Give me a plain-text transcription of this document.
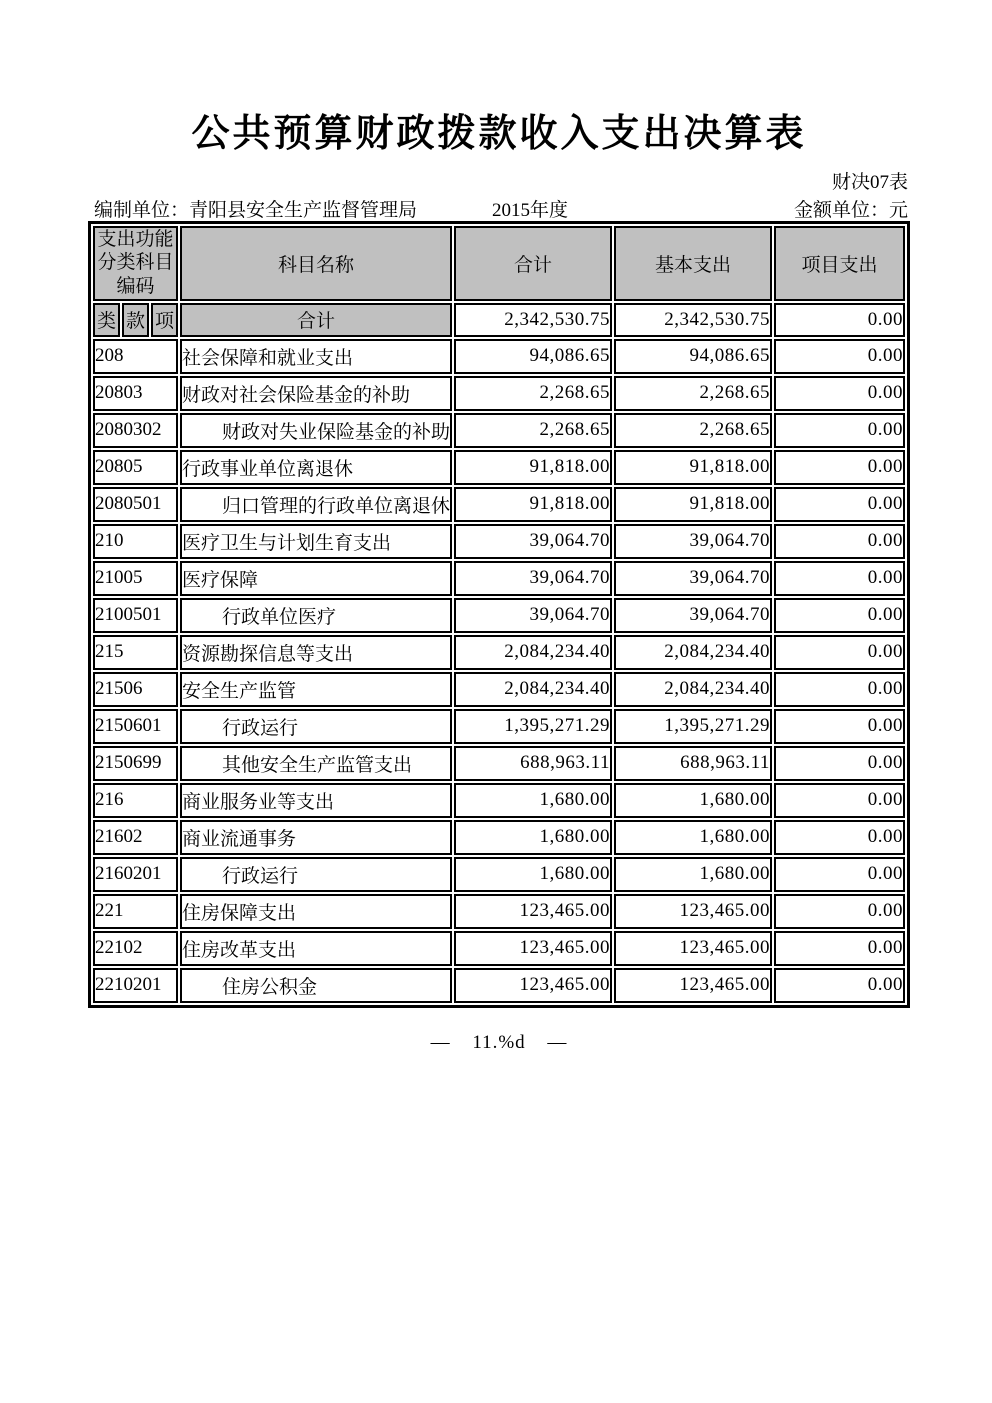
公共预算财政拨款收入支出决算表
财决07表
编制单位：青阳县安全生产监督管理局	2015年度	金额单位：元
支出功能分类科目编码			科目名称	合计	基本支出	项目支出
类	款	项	合计	2,342,530.75	2,342,530.75	0.00
208			社会保障和就业支出	94,086.65	94,086.65	0.00
20803			财政对社会保险基金的补助	2,268.65	2,268.65	0.00
2080302			财政对失业保险基金的补助	2,268.65	2,268.65	0.00
20805			行政事业单位离退休	91,818.00	91,818.00	0.00
2080501			归口管理的行政单位离退休	91,818.00	91,818.00	0.00
210			医疗卫生与计划生育支出	39,064.70	39,064.70	0.00
21005			医疗保障	39,064.70	39,064.70	0.00
2100501			行政单位医疗	39,064.70	39,064.70	0.00
215			资源勘探信息等支出	2,084,234.40	2,084,234.40	0.00
21506			安全生产监管	2,084,234.40	2,084,234.40	0.00
2150601			行政运行	1,395,271.29	1,395,271.29	0.00
2150699			其他安全生产监管支出	688,963.11	688,963.11	0.00
216			商业服务业等支出	1,680.00	1,680.00	0.00
21602			商业流通事务	1,680.00	1,680.00	0.00
2160201			行政运行	1,680.00	1,680.00	0.00
221			住房保障支出	123,465.00	123,465.00	0.00
22102			住房改革支出	123,465.00	123,465.00	0.00
2210201			住房公积金	123,465.00	123,465.00	0.00
— 11.%d —
